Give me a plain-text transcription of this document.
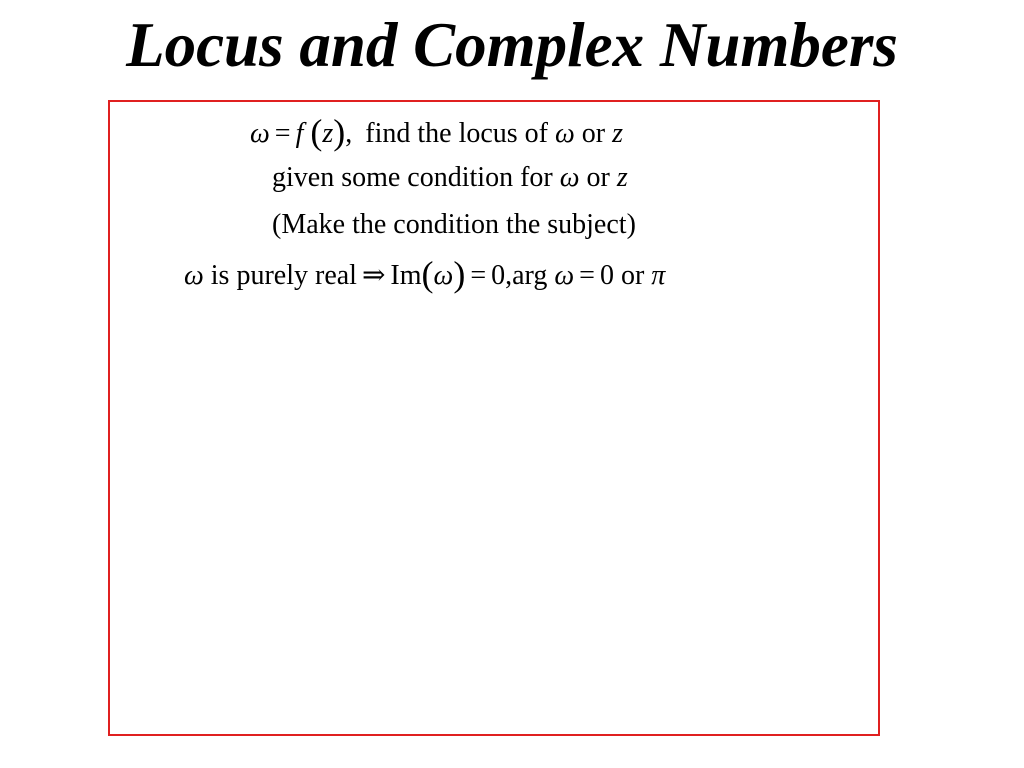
Locus and Complex Numbers
ω = f (z), find the locus of ω or z
given some condition for ω or z
(Make the condition the subject)
ω is purely real ⇒ Im(ω) = 0,arg ω = 0 or π
